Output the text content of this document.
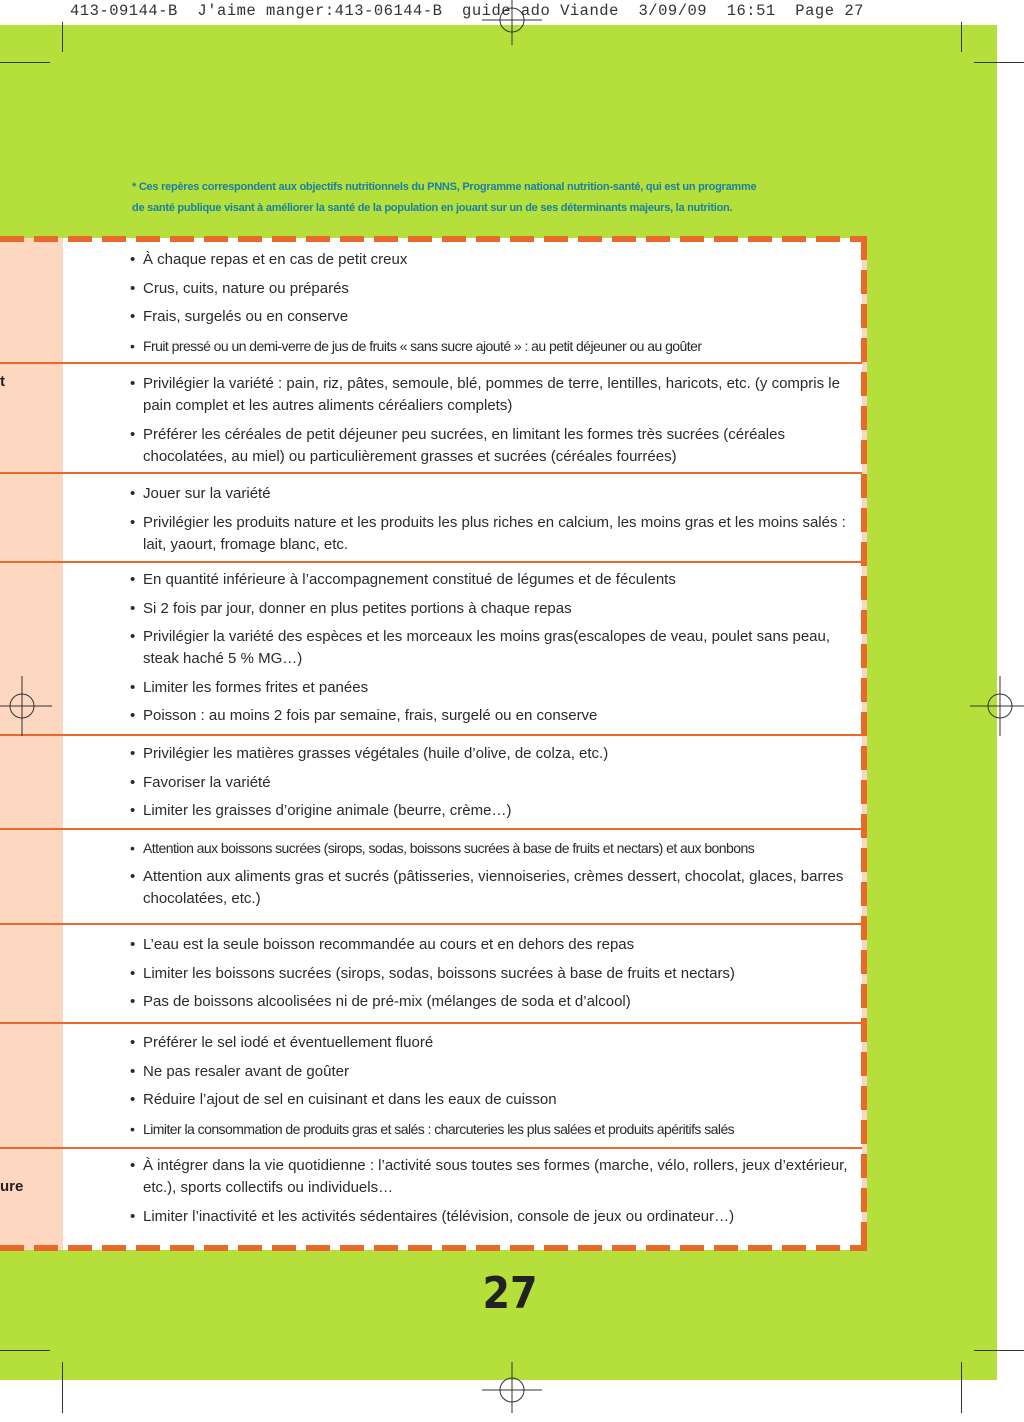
413-09144-B  J'aime manger:413-06144-B  guide ado Viande  3/09/09  16:51  Page 27

* Ces repères correspondent aux objectifs nutritionnels du PNNS, Programme national nutrition-santé, qui est un programme

de santé publique visant à améliorer la santé de la population en jouant sur un de ses déterminants majeurs, la nutrition.

• À chaque repas et en cas de petit creux
• Crus, cuits, nature ou préparés
• Frais, surgelés ou en conserve
• Fruit pressé ou un demi-verre de jus de fruits « sans sucre ajouté » : au petit déjeuner ou au goûter
t	• Privilégier la variété : pain, riz, pâtes, semoule, blé, pommes de terre, lentilles, haricots, etc. (y compris le pain complet et les autres aliments céréaliers complets)
• Préférer les céréales de petit déjeuner peu sucrées, en limitant les formes très sucrées (céréales chocolatées, au miel) ou particulièrement grasses et sucrées (céréales fourrées)
• Jouer sur la variété
• Privilégier les produits nature et les produits les plus riches en calcium, les moins gras et les moins salés : lait, yaourt, fromage blanc, etc.
• En quantité inférieure à l’accompagnement constitué de légumes et de féculents
• Si 2 fois par jour, donner en plus petites portions à chaque repas
• Privilégier la variété des espèces et les morceaux les moins gras(escalopes de veau, poulet sans peau, steak haché 5 % MG…)
• Limiter les formes frites et panées
• Poisson : au moins 2 fois par semaine, frais, surgelé ou en conserve
• Privilégier les matières grasses végétales (huile d’olive, de colza, etc.)
• Favoriser la variété
• Limiter les graisses d’origine animale (beurre, crème…)
• Attention aux boissons sucrées (sirops, sodas, boissons sucrées à base de fruits et nectars) et aux bonbons
• Attention aux aliments gras et sucrés (pâtisseries, viennoiseries, crèmes dessert, chocolat, glaces, barres chocolatées, etc.)
• L’eau est la seule boisson recommandée au cours et en dehors des repas
• Limiter les boissons sucrées (sirops, sodas, boissons sucrées à base de fruits et nectars)
• Pas de boissons alcoolisées ni de pré-mix (mélanges de soda et d’alcool)
• Préférer le sel iodé et éventuellement fluoré
• Ne pas resaler avant de goûter
• Réduire l’ajout de sel en cuisinant et dans les eaux de cuisson
• Limiter la consommation de produits gras et salés : charcuteries les plus salées et produits apéritifs salés
ure
• À intégrer dans la vie quotidienne : l’activité sous toutes ses formes (marche, vélo, rollers, jeux d’extérieur, etc.), sports collectifs ou individuels…
• Limiter l’inactivité et les activités sédentaires (télévision, console de jeux ou ordinateur…)
27
